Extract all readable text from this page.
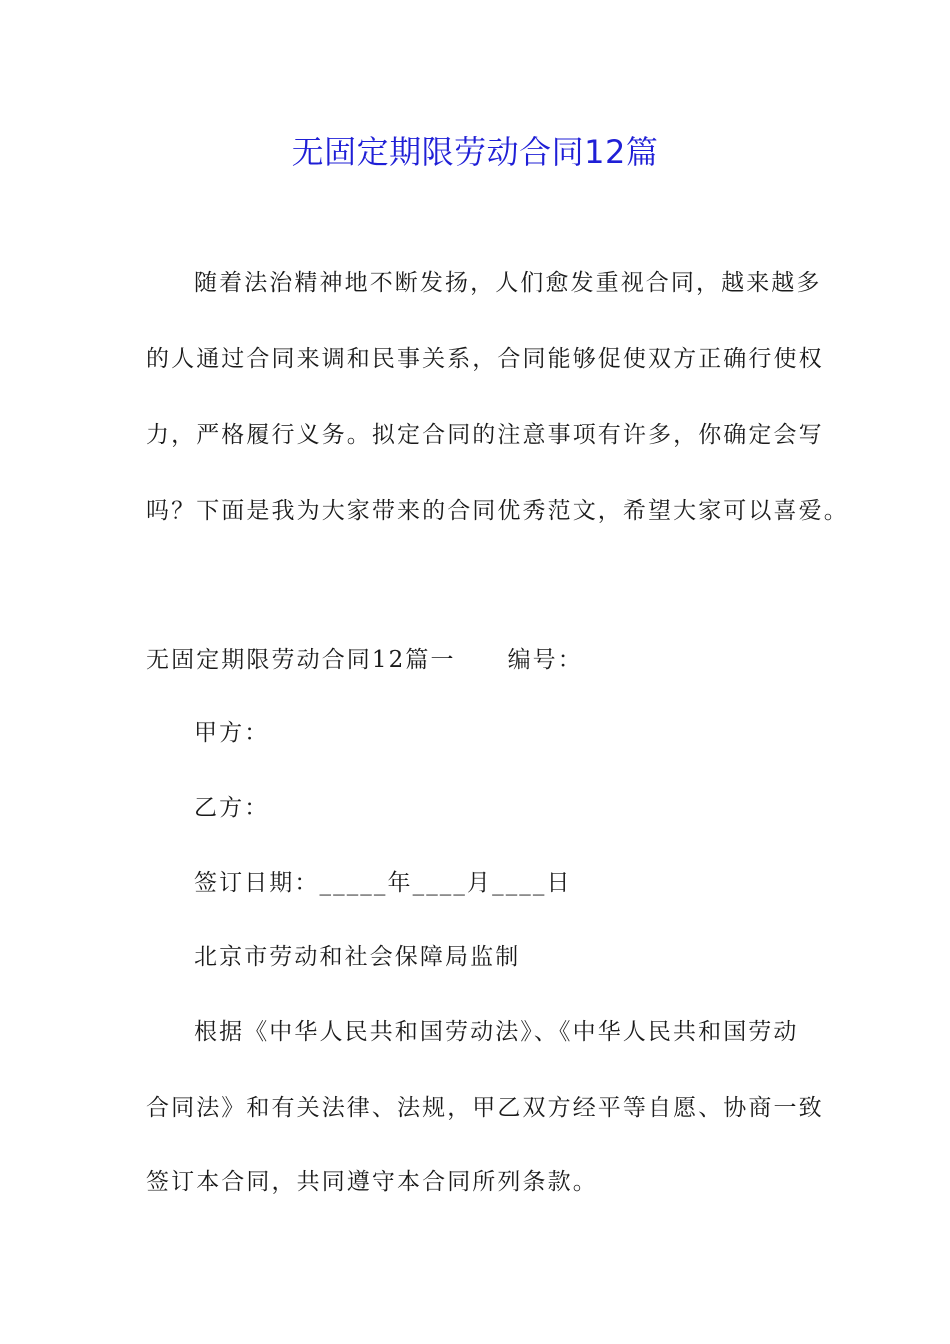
无固定期限劳动合同12篇
随着法治精神地不断发扬，人们愈发重视合同，越来越多
的人通过合同来调和民事关系，合同能够促使双方正确行使权
力，严格履行义务。拟定合同的注意事项有许多，你确定会写
吗？下面是我为大家带来的合同优秀范文，希望大家可以喜爱。
无固定期限劳动合同12篇一 编号：
甲方：
乙方：
签订日期：_____年____月____日
北京市劳动和社会保障局监制
根据《中华人民共和国劳动法》、《中华人民共和国劳动
合同法》和有关法律、法规，甲乙双方经平等自愿、协商一致
签订本合同，共同遵守本合同所列条款。
